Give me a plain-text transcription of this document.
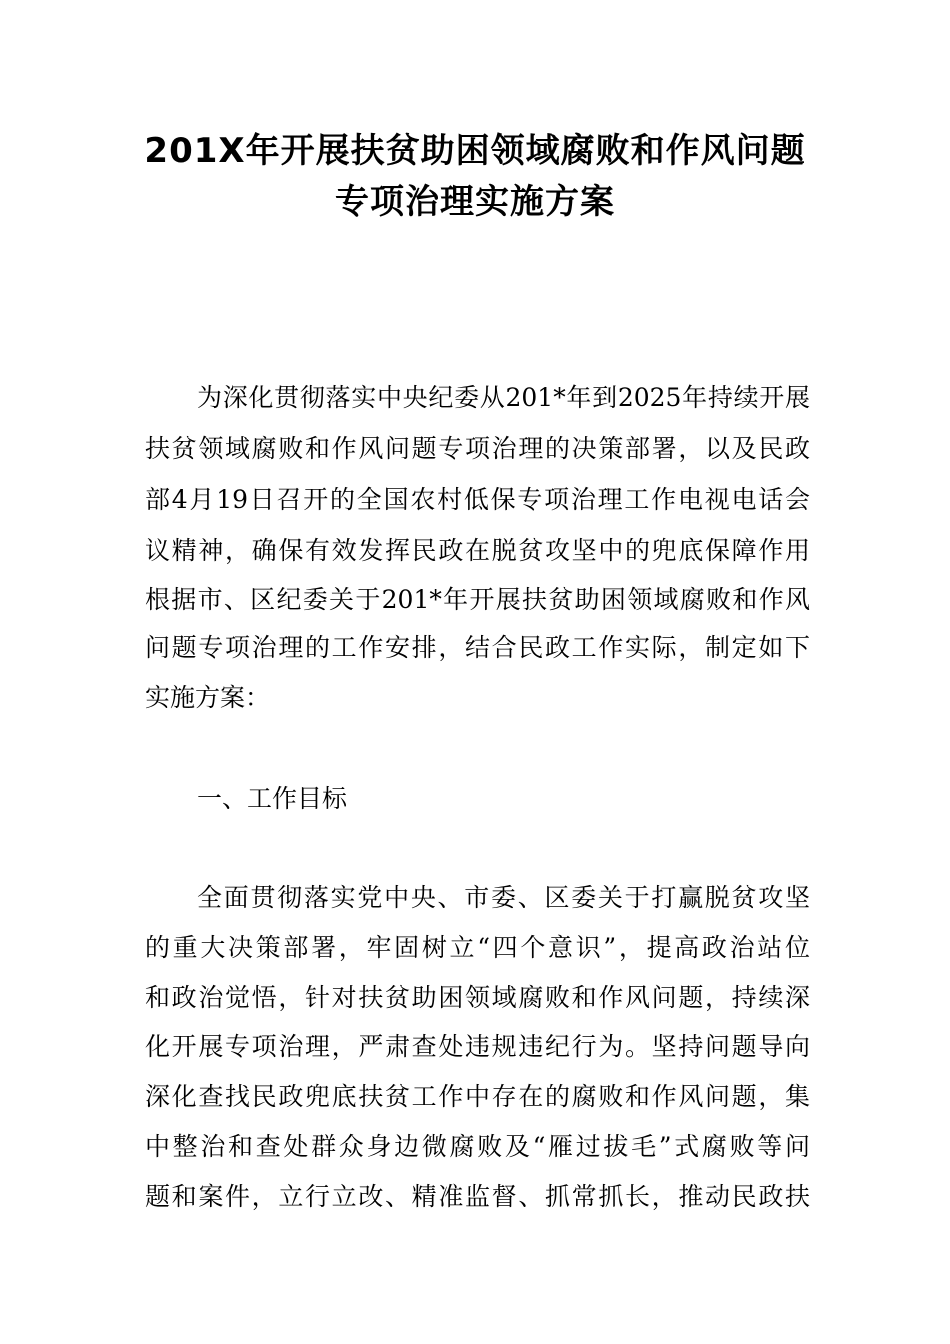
201X年开展扶贫助困领域腐败和作风问题
专项治理实施方案
为深化贯彻落实中央纪委从201*年到2025年持续开展
扶贫领域腐败和作风问题专项治理的决策部署，以及民政
部4月19日召开的全国农村低保专项治理工作电视电话会
议精神，确保有效发挥民政在脱贫攻坚中的兜底保障作用
根据市、区纪委关于201*年开展扶贫助困领域腐败和作风
问题专项治理的工作安排，结合民政工作实际，制定如下
实施方案：
一、工作目标
全面贯彻落实党中央、市委、区委关于打赢脱贫攻坚
的重大决策部署，牢固树立“四个意识”，提高政治站位
和政治觉悟，针对扶贫助困领域腐败和作风问题，持续深
化开展专项治理，严肃查处违规违纪行为。坚持问题导向
深化查找民政兜底扶贫工作中存在的腐败和作风问题，集
中整治和查处群众身边微腐败及“雁过拔毛”式腐败等问
题和案件，立行立改、精准监督、抓常抓长，推动民政扶
